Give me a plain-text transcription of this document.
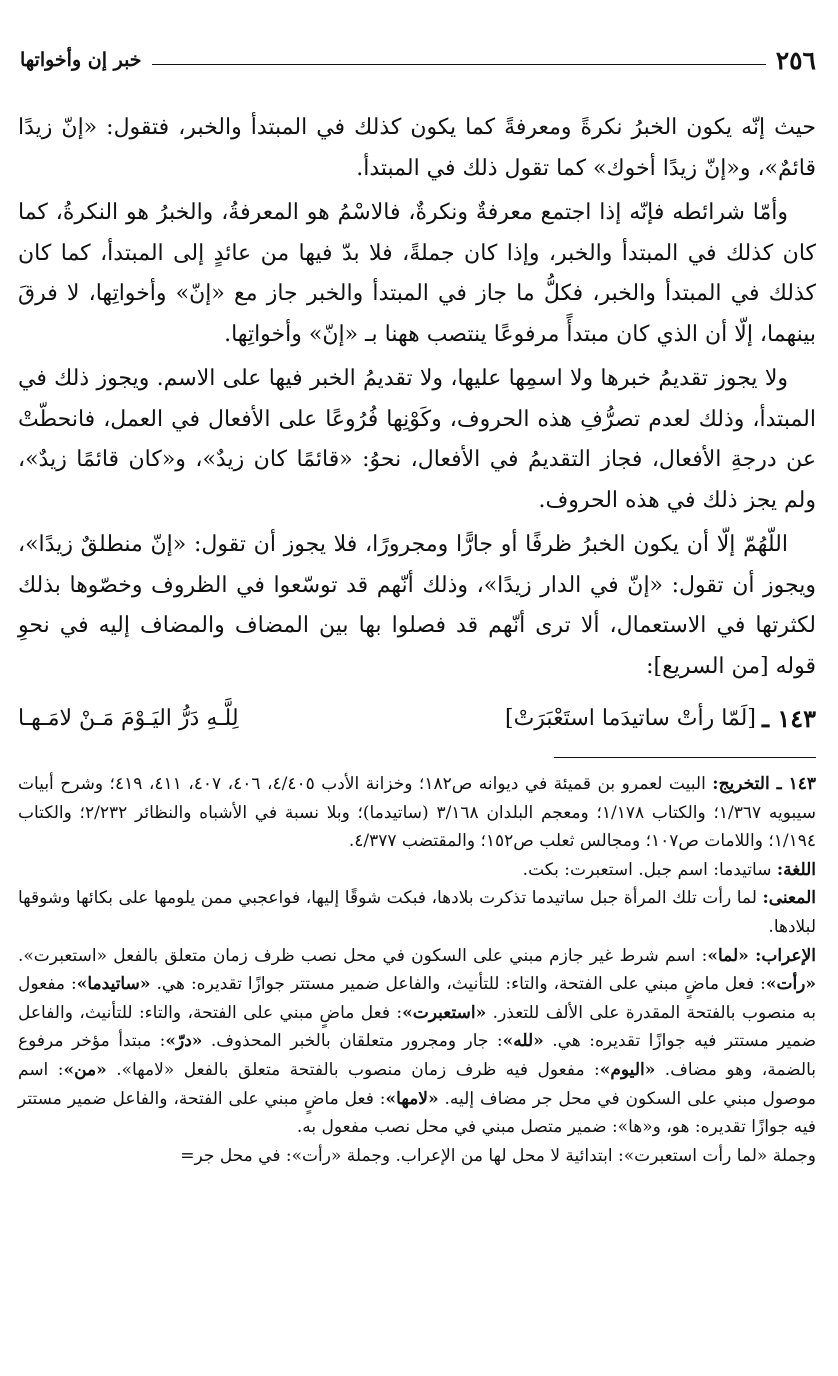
خبر إن وأخواتها	٢٥٦

حيث إنّه يكون الخبرُ نكرةً ومعرفةً كما يكون كذلك في المبتدأ والخبر، فتقول: «إنّ زيدًا قائمٌ»، و«إنّ زيدًا أخوك» كما تقول ذلك في المبتدأ.

وأمّا شرائطه فإنّه إذا اجتمع معرفةٌ ونكرةٌ، فالاسْمُ هو المعرفةُ، والخبرُ هو النكرةُ، كما كان كذلك في المبتدأ والخبر، وإذا كان جملةً، فلا بدّ فيها من عائدٍ إلى المبتدأ، كما كان كذلك في المبتدأ والخبر، فكلُّ ما جاز في المبتدأ والخبر جاز مع «إنّ» وأخواتِها، لا فرقَ بينهما، إلّا أن الذي كان مبتدأً مرفوعًا ينتصب ههنا بـ «إنّ» وأخواتِها.

ولا يجوز تقديمُ خبرها ولا اسمِها عليها، ولا تقديمُ الخبر فيها على الاسم. ويجوز ذلك في المبتدأ، وذلك لعدم تصرُّفِ هذه الحروف، وكَوْنِها فُرُوعًا على الأفعال في العمل، فانحطّتْ عن درجةِ الأفعال، فجاز التقديمُ في الأفعال، نحوُ: «قائمًا كان زيدٌ»، و«كان قائمًا زيدٌ»، ولم يجز ذلك في هذه الحروف.

اللّهُمّ إلّا أن يكون الخبرُ ظرفًا أو جارًّا ومجرورًا، فلا يجوز أن تقول: «إنّ منطلقٌ زيدًا»، ويجوز أن تقول: «إنّ في الدار زيدًا»، وذلك أنّهم قد توسّعوا في الظروف وخصّوها بذلك لكثرتها في الاستعمال، ألا ترى أنّهم قد فصلوا بها بين المضاف والمضاف إليه في نحوِ قوله [من السريع]:

١٤٣ ـ
[لَمّا رأتْ ساتيدَما استَعْبَرَتْ]
لِلَّـهِ دَرُّ اليَـوْمَ مَـنْ لامَـهـا

١٤٣ ـ التخريج: البيت لعمرو بن قميئة في ديوانه ص١٨٢؛ وخزانة الأدب ٤/٤٠٥، ٤٠٦، ٤٠٧، ٤١١، ٤١٩؛ وشرح أبيات سيبويه ١/٣٦٧؛ والكتاب ١/١٧٨؛ ومعجم البلدان ٣/١٦٨ (ساتيدما)؛ وبلا نسبة في الأشباه والنظائر ٢/٢٣٢؛ والكتاب ١/١٩٤؛ واللامات ص١٠٧؛ ومجالس ثعلب ص١٥٢؛ والمقتضب ٤/٣٧٧.

اللغة: ساتيدما: اسم جبل. استعبرت: بكت.

المعنى: لما رأت تلك المرأة جبل ساتيدما تذكرت بلادها، فبكت شوقًا إليها، فواعجبي ممن يلومها على بكائها وشوقها لبلادها.

الإعراب: «لما»: اسم شرط غير جازم مبني على السكون في محل نصب ظرف زمان متعلق بالفعل «استعبرت». «رأت»: فعل ماضٍ مبني على الفتحة، والتاء: للتأنيث، والفاعل ضمير مستتر جوازًا تقديره: هي. «ساتيدما»: مفعول به منصوب بالفتحة المقدرة على الألف للتعذر. «استعبرت»: فعل ماضٍ مبني على الفتحة، والتاء: للتأنيث، والفاعل ضمير مستتر فيه جوازًا تقديره: هي. «لله»: جار ومجرور متعلقان بالخبر المحذوف. «درّ»: مبتدأ مؤخر مرفوع بالضمة، وهو مضاف. «اليوم»: مفعول فيه ظرف زمان منصوب بالفتحة متعلق بالفعل «لامها». «من»: اسم موصول مبني على السكون في محل جر مضاف إليه. «لامها»: فعل ماضٍ مبني على الفتحة، والفاعل ضمير مستتر فيه جوازًا تقديره: هو، و«ها»: ضمير متصل مبني في محل نصب مفعول به.

وجملة «لما رأت استعبرت»: ابتدائية لا محل لها من الإعراب. وجملة «رأت»: في محل جر=
